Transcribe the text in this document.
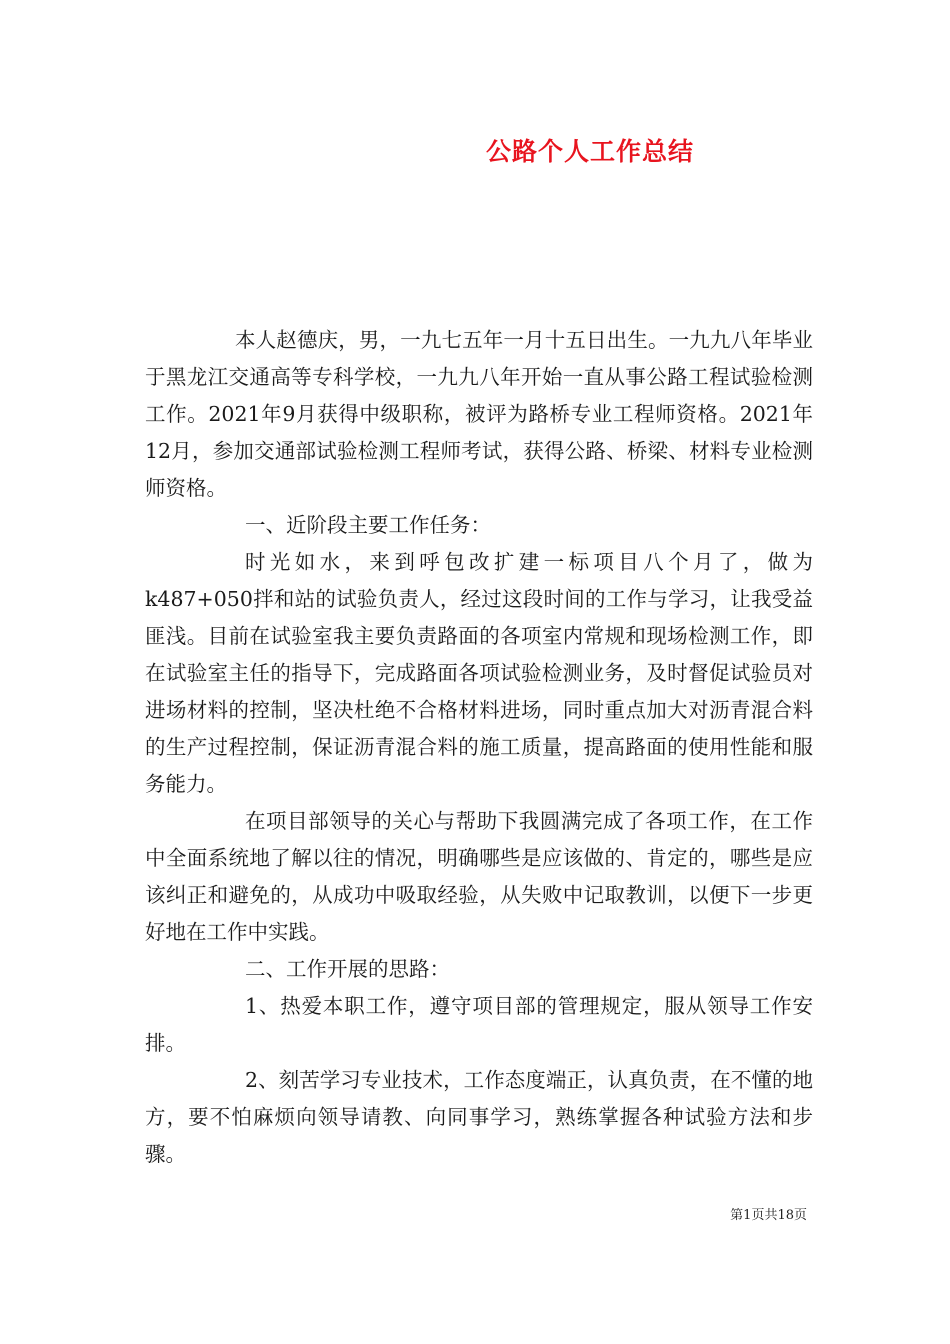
公路个人工作总结

本人赵德庆，男，一九七五年一月十五日出生。一九九八年毕业于黑龙江交通高等专科学校，一九九八年开始一直从事公路工程试验检测工作。2021年9月获得中级职称，被评为路桥专业工程师资格。2021年12月，参加交通部试验检测工程师考试，获得公路、桥梁、材料专业检测师资格。

一、近阶段主要工作任务：

时光如水，来到呼包改扩建一标项目八个月了，做为k487+050拌和站的试验负责人，经过这段时间的工作与学习，让我受益匪浅。目前在试验室我主要负责路面的各项室内常规和现场检测工作，即在试验室主任的指导下，完成路面各项试验检测业务，及时督促试验员对进场材料的控制，坚决杜绝不合格材料进场，同时重点加大对沥青混合料的生产过程控制，保证沥青混合料的施工质量，提高路面的使用性能和服务能力。

在项目部领导的关心与帮助下我圆满完成了各项工作，在工作中全面系统地了解以往的情况，明确哪些是应该做的、肯定的，哪些是应该纠正和避免的，从成功中吸取经验，从失败中记取教训，以便下一步更好地在工作中实践。

二、工作开展的思路：

1、热爱本职工作，遵守项目部的管理规定，服从领导工作安排。

2、刻苦学习专业技术，工作态度端正，认真负责，在不懂的地方，要不怕麻烦向领导请教、向同事学习，熟练掌握各种试验方法和步骤。

第1页共18页
